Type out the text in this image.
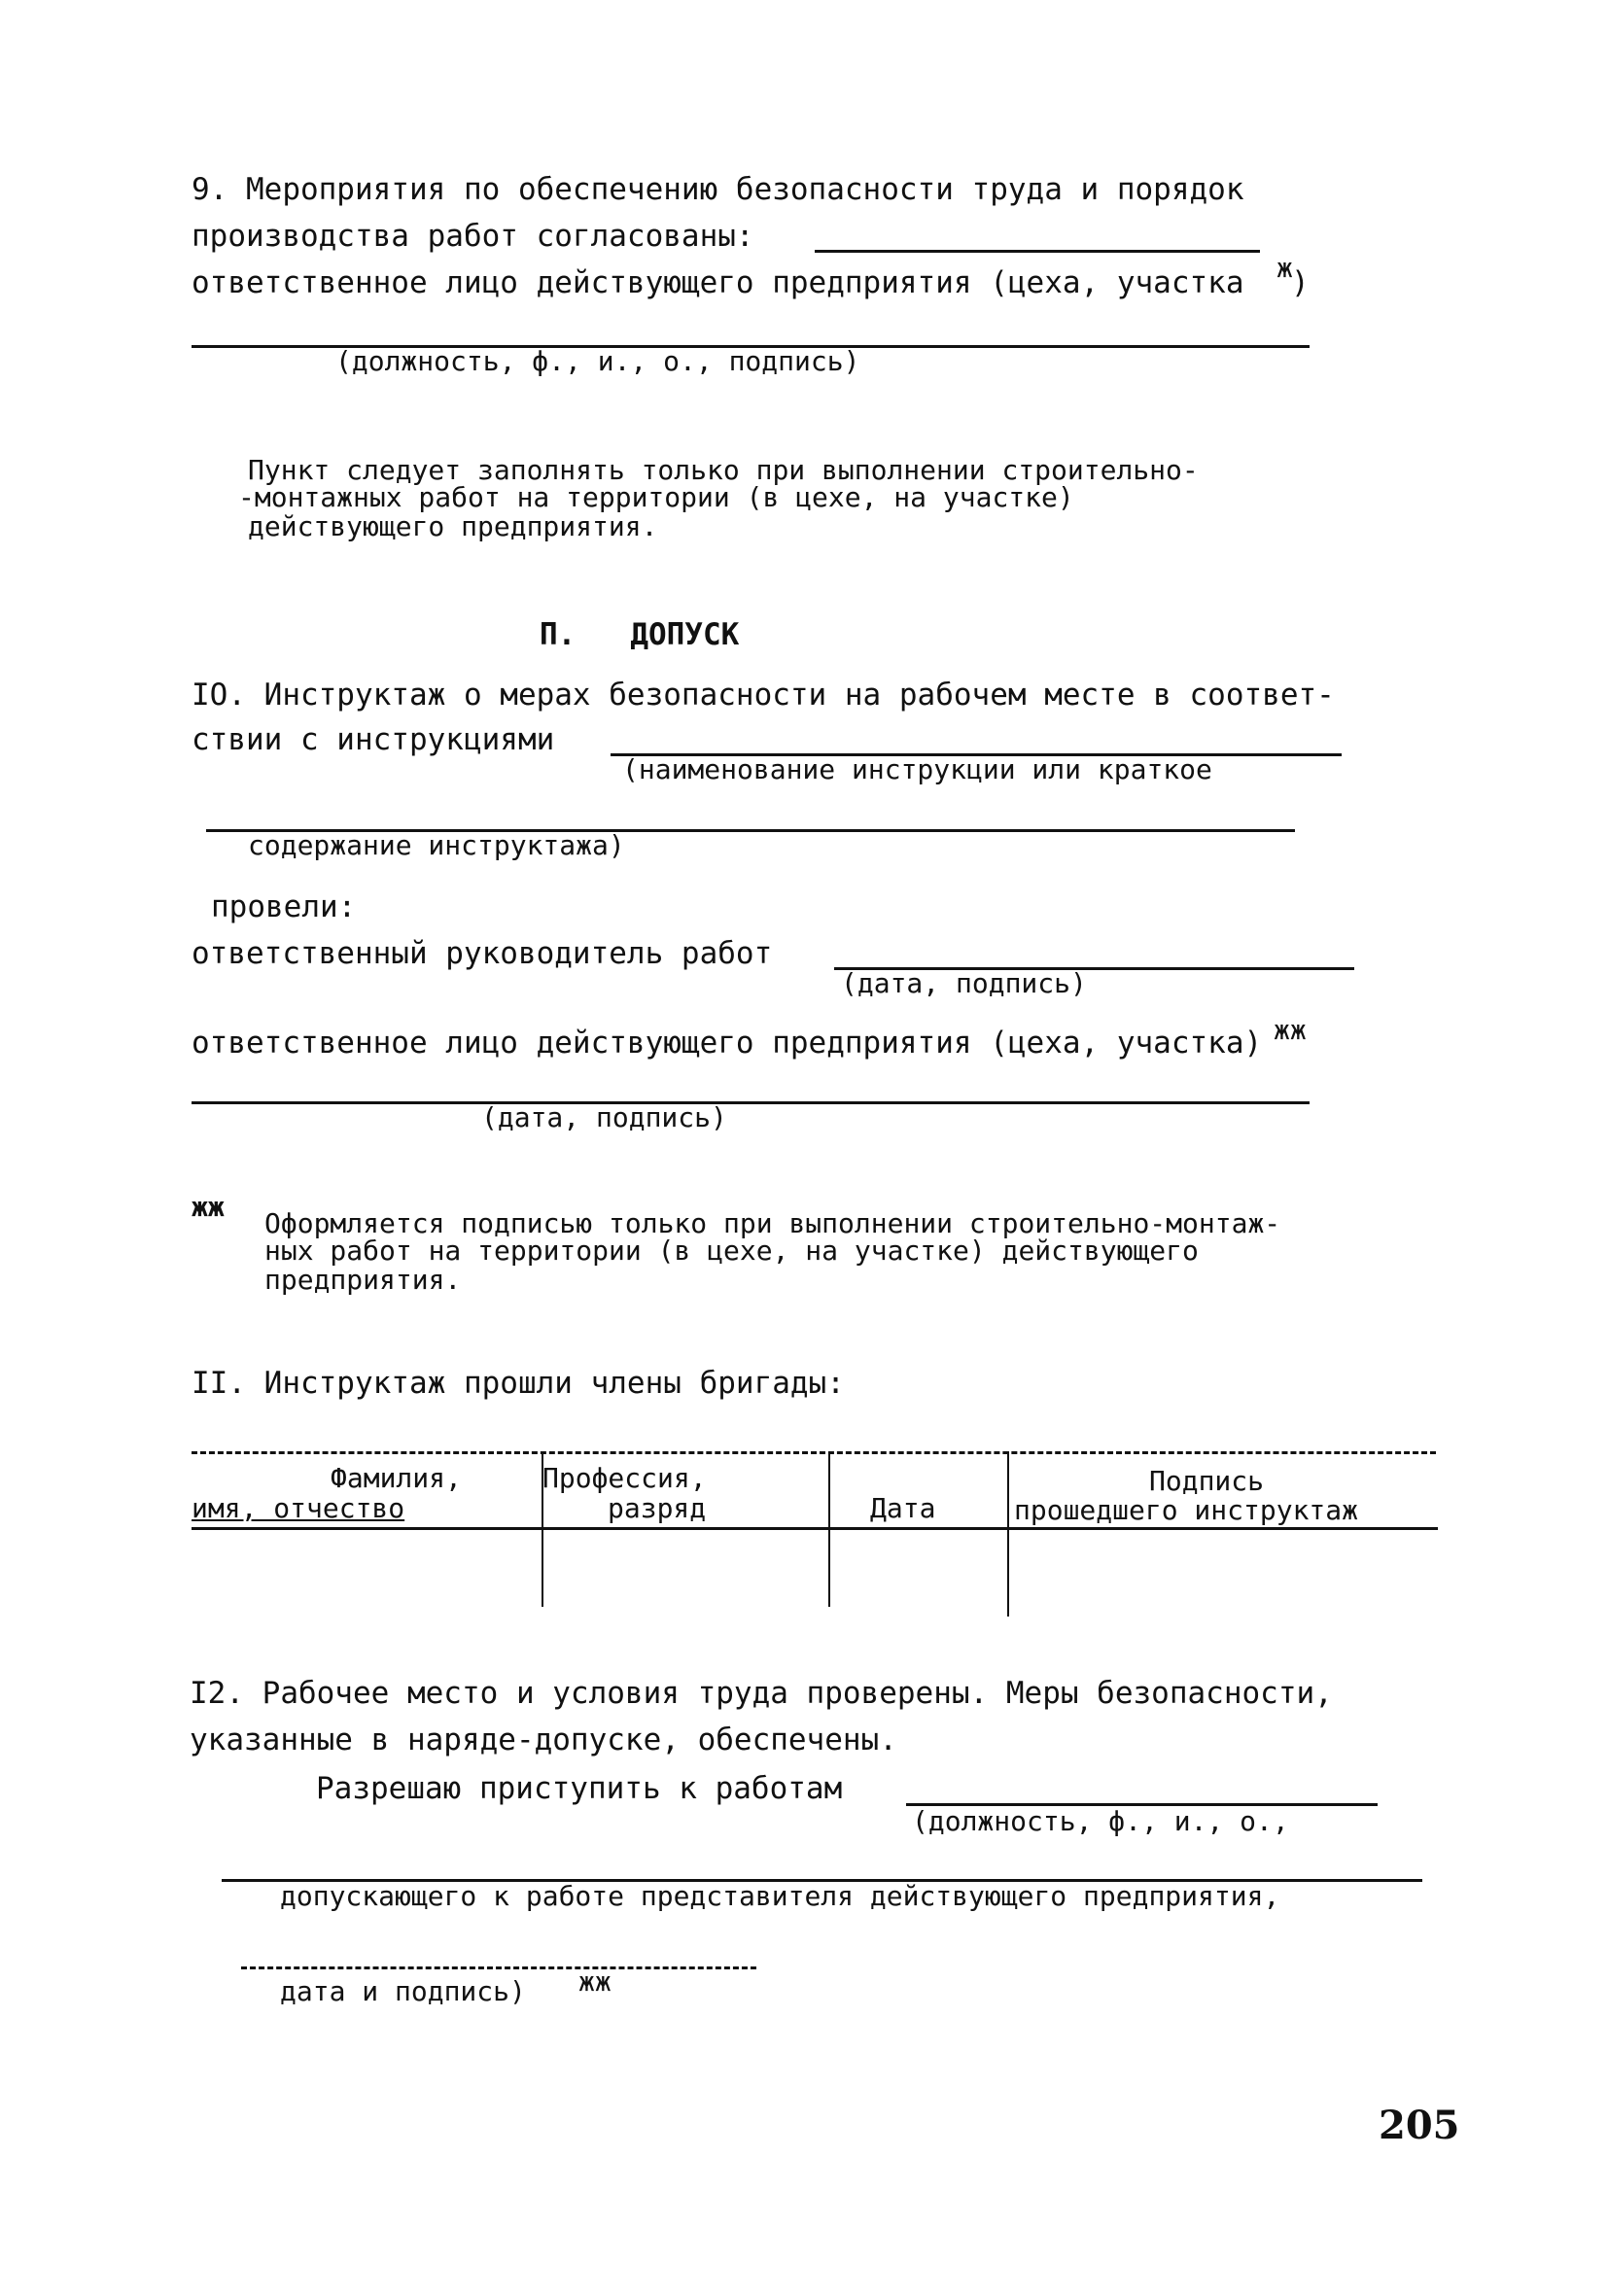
9. Мероприятия по обеспечению безопасности труда и порядок
производства работ согласованы:
ответственное лицо действующего предприятия (цеха, участка ж
)
(должность, ф., и., о., подпись)
Пункт следует заполнять только при выполнении строительно-
-монтажных работ на территории (в цехе, на участке)
действующего предприятия.
П.   ДОПУСК
IO. Инструктаж о мерах безопасности на рабочем месте в соответ-
ствии с инструкциями
(наименование инструкции или краткое
содержание инструктажа)
провели:
ответственный руководитель работ
(дата, подпись)
ответственное лицо действующего предприятия (цеха, участка) жж
(дата, подпись)
жж
Оформляется подписью только при выполнении строительно-монтаж-
ных работ на территории (в цехе, на участке) действующего
предприятия.
II. Инструктаж прошли члены бригады:
Фамилия,
имя, отчество
Профессия,
разряд	Дата
Подпись
прошедшего инструктаж
I2. Рабочее место и условия труда проверены. Меры безопасности,
указанные в наряде-допуске, обеспечены.
Разрешаю приступить к работам
(должность, ф., и., о.,
допускающего к работе представителя действующего предприятия,
дата и подпись) жж
205
